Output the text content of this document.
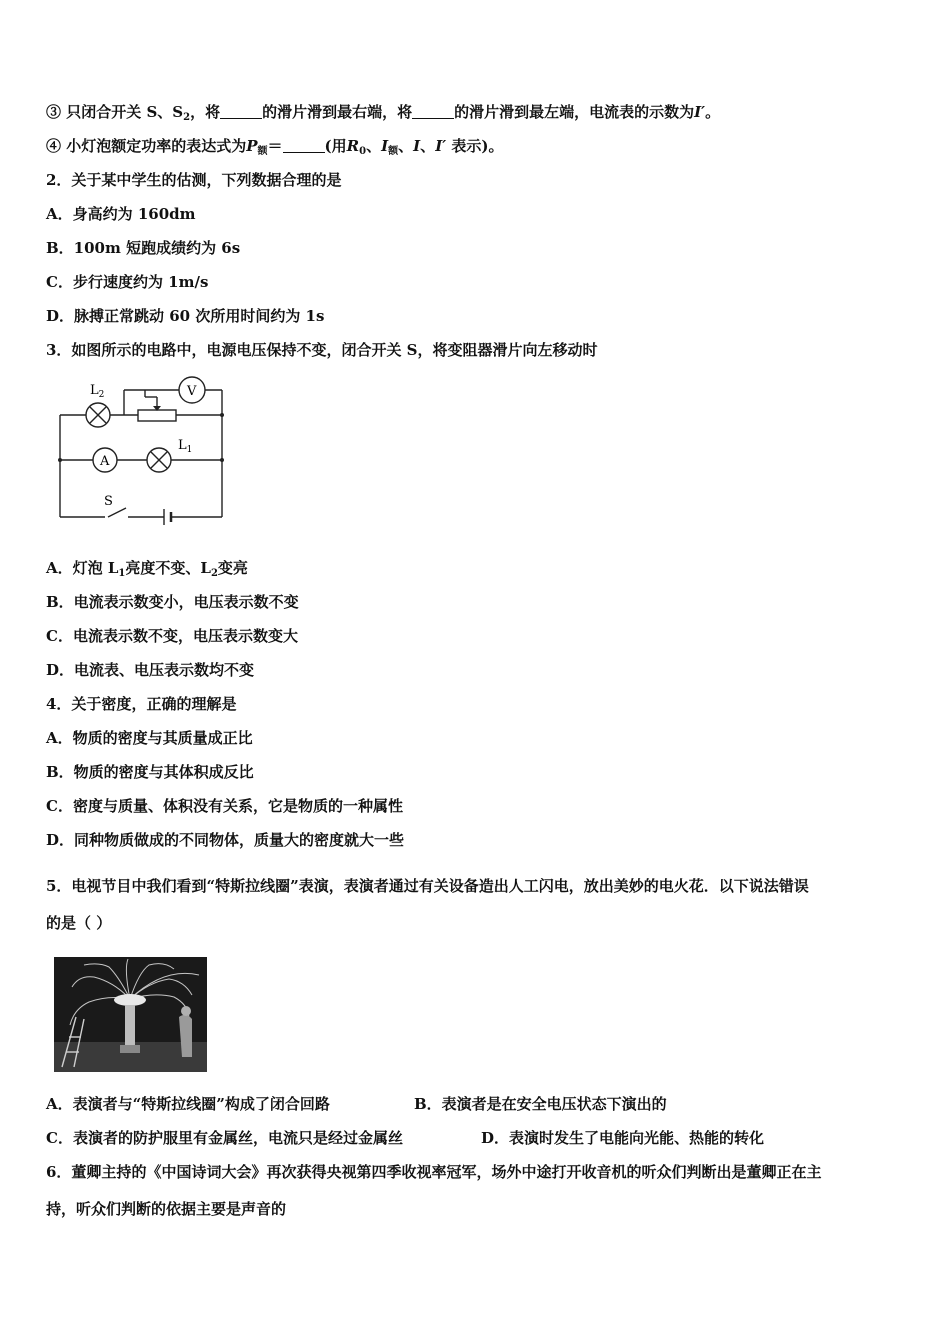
③ 只闭合开关 S、$S_2$，将	的滑片滑到最右端，将	的滑片滑到最左端，电流表的示数为I′。
④ 小灯泡额定功率的表达式为$P_额=$	(用$R_0$、$I_额$、I、I′ 表示)。
2．关于某中学生的估测，下列数据合理的是
A．身高约为 160dm
B．100m 短跑成绩约为 6s
C．步行速度约为 1m/s
D．脉搏正常跳动 60 次所用时间约为 1s
3．如图所示的电路中，电源电压保持不变，闭合开关 S，将变阻器滑片向左移动时
$L_2$
$L_1$
V
A
S
A．灯泡 $L_1$亮度不变、$L_2$变亮
B．电流表示数变小，电压表示数不变
C．电流表示数不变，电压表示数变大
D．电流表、电压表示数均不变
4．关于密度，正确的理解是
A．物质的密度与其质量成正比
B．物质的密度与其体积成反比
C．密度与质量、体积没有关系，它是物质的一种属性
D．同种物质做成的不同物体，质量大的密度就大一些
5．电视节目中我们看到“特斯拉线圈”表演，表演者通过有关设备造出人工闪电，放出美妙的电火花．以下说法错误
的是（ ）
A．表演者与“特斯拉线圈”构成了闭合回路	B．表演者是在安全电压状态下演出的
C．表演者的防护服里有金属丝，电流只是经过金属丝	D．表演时发生了电能向光能、热能的转化
6．董卿主持的《中国诗词大会》再次获得央视第四季收视率冠军，场外中途打开收音机的听众们判断出是董卿正在主
持，听众们判断的依据主要是声音的
